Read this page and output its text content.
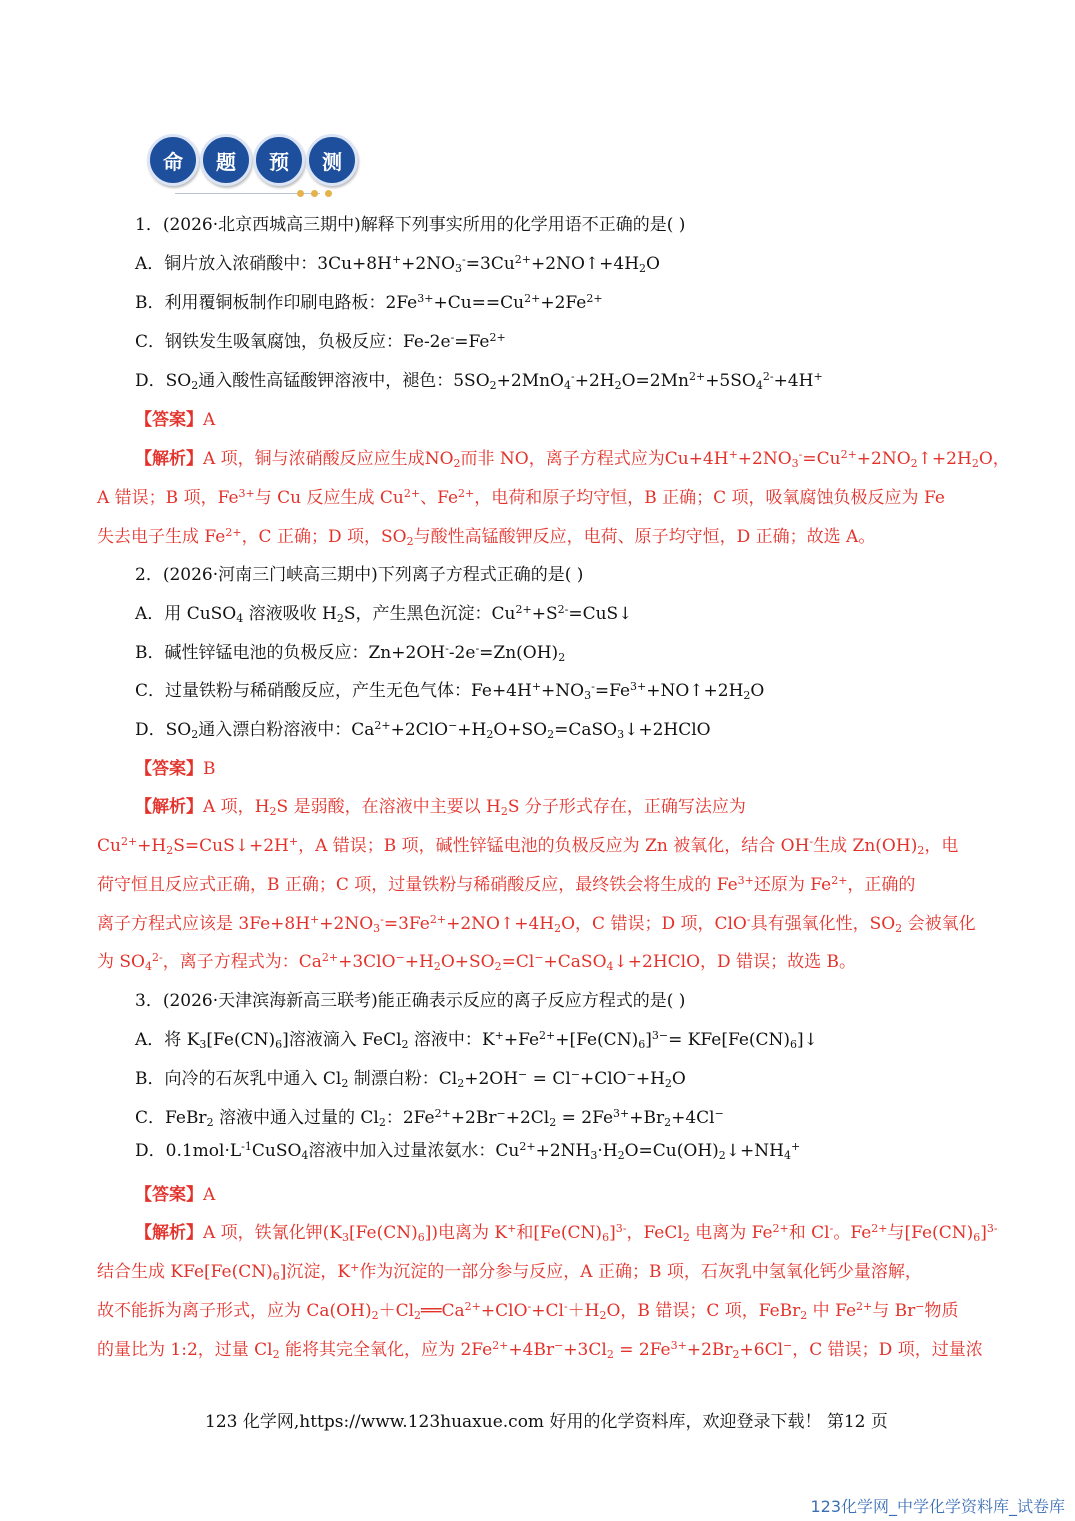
命	题	预	测
1．(2026·北京西城高三期中)解释下列事实所用的化学用语不正确的是( )
A．铜片放入浓硝酸中：$3Cu+8H^++2NO_3^-=3Cu^{2+}+2NO↑+4H_2O$
B．利用覆铜板制作印刷电路板：$2Fe^{3+}+Cu==Cu^{2+}+2Fe^{2+}$
C．钢铁发生吸氧腐蚀，负极反应：$Fe-2e^-=Fe^{2+}$
D．$SO_2$通入酸性高锰酸钾溶液中，褪色：$5SO_2+2MnO_4^-+2H_2O=2Mn^{2+}+5SO_4^{2-}+4H^+$
【答案】A
【解析】A 项，铜与浓硝酸反应应生成$NO_2$而非 NO，离子方程式应为$Cu+4H^++2NO_3^-=Cu^{2+}+2NO_2↑+2H_2O$，
A 错误；B 项，$Fe^{3+}$与 Cu 反应生成 $Cu^{2+}$、$Fe^{2+}$，电荷和原子均守恒，B 正确；C 项，吸氧腐蚀负极反应为 Fe
失去电子生成 $Fe^{2+}$，C 正确；D 项，$SO_2$与酸性高锰酸钾反应，电荷、原子均守恒，D 正确；故选 A。
2．(2026·河南三门峡高三期中)下列离子方程式正确的是( )
A．用 CuSO$_4$ 溶液吸收 $H_2S$，产生黑色沉淀：$Cu^{2+}+S^{2-}=CuS↓$
B．碱性锌锰电池的负极反应：$Zn+2OH^--2e^-=Zn(OH)_2$
C．过量铁粉与稀硝酸反应，产生无色气体：$Fe+4H^++NO_3^-=Fe^{3+}+NO↑+2H_2O$
D．$SO_2$通入漂白粉溶液中：$Ca^{2+}+2ClO^-+H_2O+SO_2=CaSO_3↓+2HClO$
【答案】B
【解析】A 项，$H_2S$ 是弱酸，在溶液中主要以 $H_2S$ 分子形式存在，正确写法应为
$Cu^{2+}+H_2S=CuS↓+2H^+$，A 错误；B 项，碱性锌锰电池的负极反应为 Zn 被氧化，结合 OH-生成 $Zn(OH)_2$，电
荷守恒且反应式正确，B 正确；C 项，过量铁粉与稀硝酸反应，最终铁会将生成的 $Fe^{3+}$还原为 $Fe^{2+}$，正确的
离子方程式应该是 $3Fe+8H^++2NO_3^-=3Fe^{2+}+2NO↑+4H_2O$，C 错误；D 项，ClO-具有强氧化性，$SO_2$ 会被氧化
为 $SO_4^{2-}$，离子方程式为：$Ca^{2+}+3ClO^-+H_2O+SO_2=Cl^-+CaSO_4↓+2HClO$，D 错误；故选 B。
3．(2026·天津滨海新高三联考)能正确表示反应的离子反应方程式的是( )
A．将 $K_3[Fe(CN)_6]$溶液滴入 FeCl$_2$ 溶液中：$K^++Fe^{2+}+[Fe(CN)_6]^{3-}=$ $KFe[Fe(CN)_6]↓$
B．向冷的石灰乳中通入 $Cl_2$ 制漂白粉：$Cl_2+2OH^- = Cl^-+ClO^-+H_2O$
C．FeBr$_2$ 溶液中通入过量的 $Cl_2$：$2Fe^{2+}+2Br^-+2Cl_2 = 2Fe^{3+}+Br_2+4Cl^-$
D．$0.1mol\cdot L^{-1}CuSO_4$溶液中加入过量浓氨水：$Cu^{2+}+2NH_3\cdot H_2O=Cu(OH)_2↓+NH_4^+$
【答案】A
【解析】A 项，铁氰化钾$(K_3[Fe(CN)_6])$电离为 K+和$[Fe(CN)_6]^{3-}$，FeCl$_2$ 电离为 $Fe^{2+}$和 Cl-。$Fe^{2+}$与$[Fe(CN)_6]^{3-}$
结合生成 $KFe[Fe(CN)_6]$沉淀，K+作为沉淀的一部分参与反应，A 正确；B 项，石灰乳中氢氧化钙少量溶解，
故不能拆为离子形式，应为 $Ca(OH)_2+Cl_2══Ca^{2+}+ClO^-+Cl^-+H_2O$，B 错误；C 项，FeBr$_2$ 中 $Fe^{2+}$与 Br−物质
的量比为 1:2，过量 $Cl_2$ 能将其完全氧化，应为 $2Fe^{2+}+4Br^-+3Cl_2 = 2Fe^{3+}+2Br_2+6Cl^-$，C 错误；D 项，过量浓
123 化学网,https://www.123huaxue.com 好用的化学资料库，欢迎登录下载！ 第12 页
123化学网_中学化学资料库_试卷库
